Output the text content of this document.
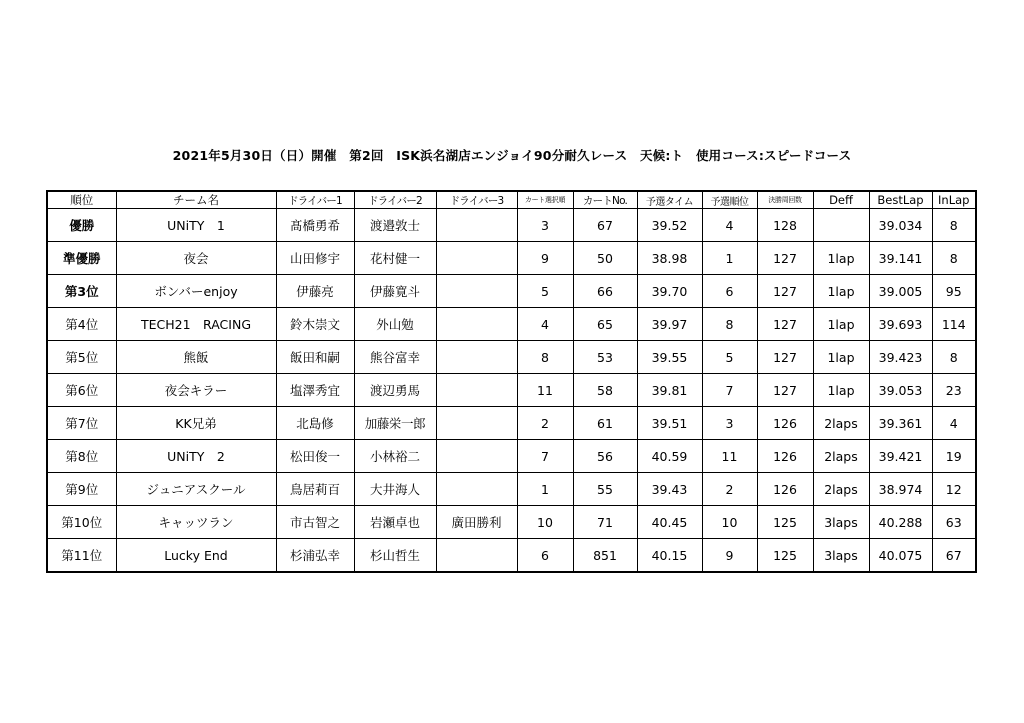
2021年5月30日（日）開催　第2回　ISK浜名湖店エンジョイ90分耐久レース　天候:ト　使用コース:スピードコース
順位	チーム名	ドライバー1	ドライバー2	ドライバー3	カート選択順	カートNo.	予選タイム	予選順位	決勝周回数	Deff	BestLap	InLap
優勝	UNiTY　1	髙橋勇希	渡邉敦士		3	67	39.52	4	128		39.034	8
準優勝	夜会	山田修宇	花村健一		9	50	38.98	1	127	1lap	39.141	8
第3位	ボンバーenjoy	伊藤亮	伊藤寛斗		5	66	39.70	6	127	1lap	39.005	95
第4位	TECH21　RACING	鈴木崇文	外山勉		4	65	39.97	8	127	1lap	39.693	114
第5位	熊飯	飯田和嗣	熊谷富幸		8	53	39.55	5	127	1lap	39.423	8
第6位	夜会キラー	塩澤秀宜	渡辺勇馬		11	58	39.81	7	127	1lap	39.053	23
第7位	KK兄弟	北島修	加藤栄一郎		2	61	39.51	3	126	2laps	39.361	4
第8位	UNiTY　2	松田俊一	小林裕二		7	56	40.59	11	126	2laps	39.421	19
第9位	ジュニアスクール	鳥居莉百	大井海人		1	55	39.43	2	126	2laps	38.974	12
第10位	キャッツラン	市古智之	岩瀬卓也	廣田勝利	10	71	40.45	10	125	3laps	40.288	63
第11位	Lucky End	杉浦弘幸	杉山哲生		6	851	40.15	9	125	3laps	40.075	67
